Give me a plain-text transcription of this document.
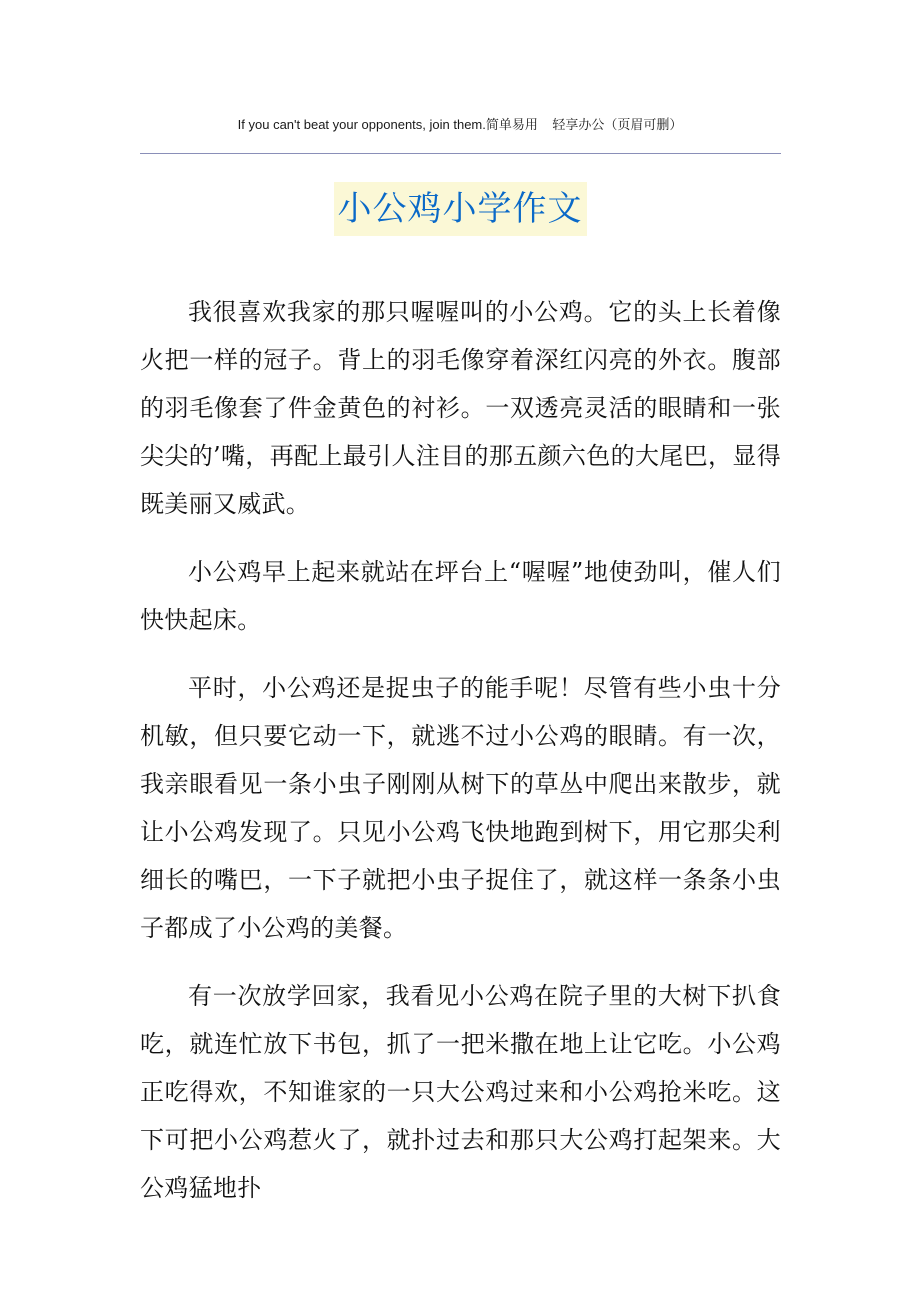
If you can't beat your opponents, join them.简单易用    轻享办公（页眉可删）
小公鸡小学作文

我很喜欢我家的那只喔喔叫的小公鸡。它的头上长着像火把一样的冠子。背上的羽毛像穿着深红闪亮的外衣。腹部的羽毛像套了件金黄色的衬衫。一双透亮灵活的眼睛和一张尖尖的’嘴，再配上最引人注目的那五颜六色的大尾巴，显得既美丽又威武。

小公鸡早上起来就站在坪台上“喔喔”地使劲叫，催人们快快起床。

平时，小公鸡还是捉虫子的能手呢！尽管有些小虫十分机敏，但只要它动一下，就逃不过小公鸡的眼睛。有一次，我亲眼看见一条小虫子刚刚从树下的草丛中爬出来散步，就让小公鸡发现了。只见小公鸡飞快地跑到树下，用它那尖利细长的嘴巴，一下子就把小虫子捉住了，就这样一条条小虫子都成了小公鸡的美餐。

有一次放学回家，我看见小公鸡在院子里的大树下扒食吃，就连忙放下书包，抓了一把米撒在地上让它吃。小公鸡正吃得欢，不知谁家的一只大公鸡过来和小公鸡抢米吃。这下可把小公鸡惹火了，就扑过去和那只大公鸡打起架来。大公鸡猛地扑
